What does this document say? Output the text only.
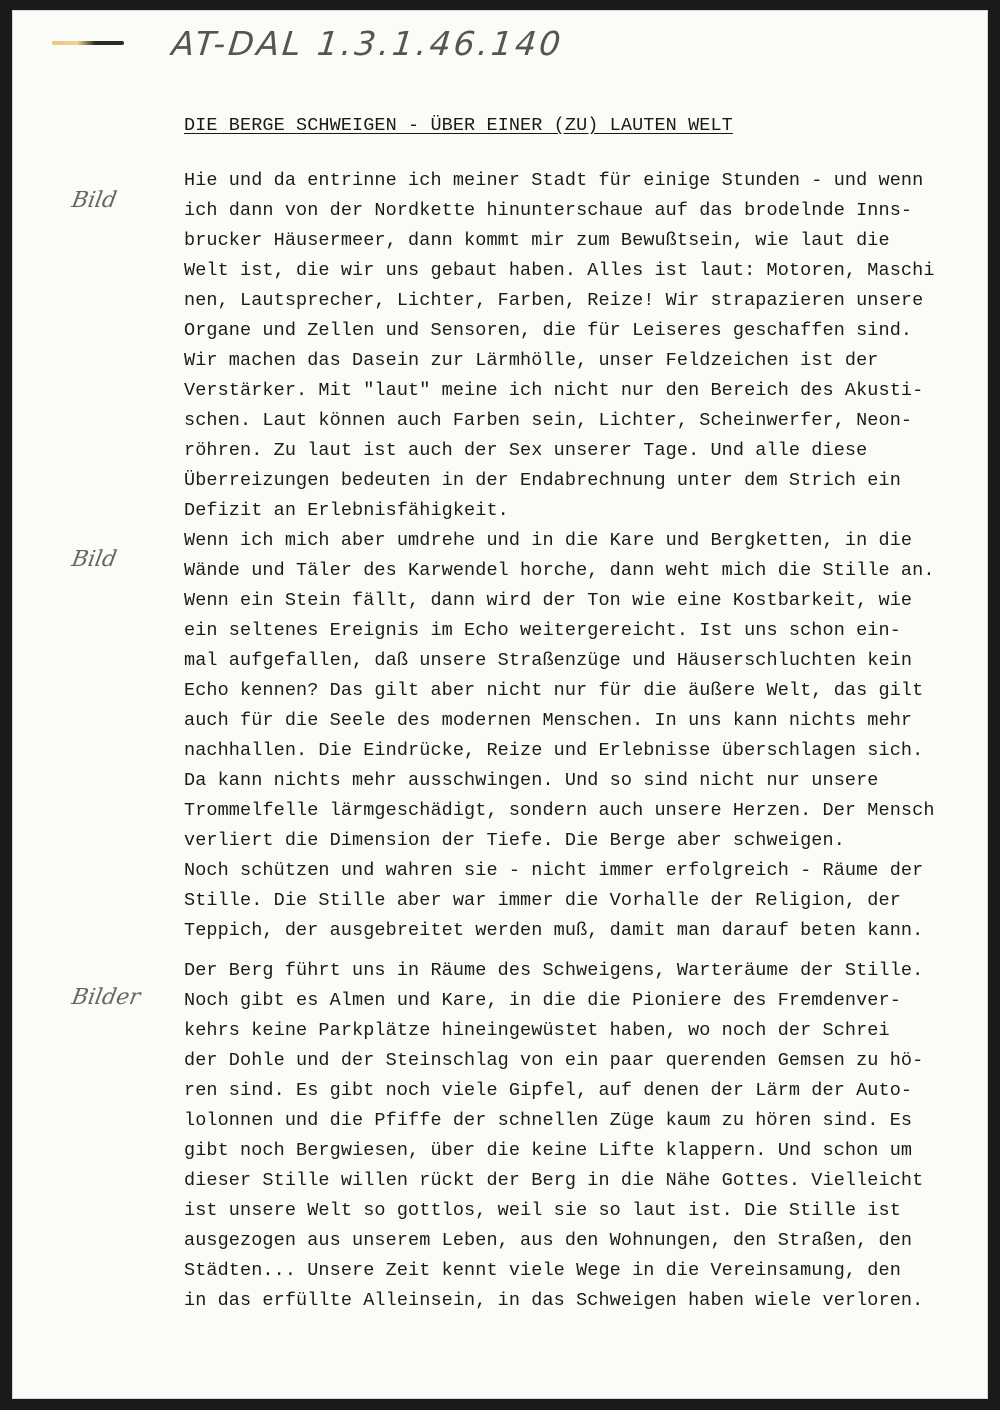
AT-DAL 1.3.1.46.140
DIE BERGE SCHWEIGEN - ÜBER EINER (ZU) LAUTEN WELT
Bild
Bild
Bilder
Hie und da entrinne ich meiner Stadt für einige Stunden - und wenn
ich dann von der Nordkette hinunterschaue auf das brodelnde Inns-
brucker Häusermeer, dann kommt mir zum Bewußtsein, wie laut die
Welt ist, die wir uns gebaut haben. Alles ist laut: Motoren, Maschi
nen, Lautsprecher, Lichter, Farben, Reize! Wir strapazieren unsere
Organe und Zellen und Sensoren, die für Leiseres geschaffen sind.
Wir machen das Dasein zur Lärmhölle, unser Feldzeichen ist der
Verstärker. Mit "laut" meine ich nicht nur den Bereich des Akusti-
schen. Laut können auch Farben sein, Lichter, Scheinwerfer, Neon-
röhren. Zu laut ist auch der Sex unserer Tage. Und alle diese
Überreizungen bedeuten in der Endabrechnung unter dem Strich ein
Defizit an Erlebnisfähigkeit.
Wenn ich mich aber umdrehe und in die Kare und Bergketten, in die
Wände und Täler des Karwendel horche, dann weht mich die Stille an.
Wenn ein Stein fällt, dann wird der Ton wie eine Kostbarkeit, wie
ein seltenes Ereignis im Echo weitergereicht. Ist uns schon ein-
mal aufgefallen, daß unsere Straßenzüge und Häuserschluchten kein
Echo kennen? Das gilt aber nicht nur für die äußere Welt, das gilt
auch für die Seele des modernen Menschen. In uns kann nichts mehr
nachhallen. Die Eindrücke, Reize und Erlebnisse überschlagen sich.
Da kann nichts mehr ausschwingen. Und so sind nicht nur unsere
Trommelfelle lärmgeschädigt, sondern auch unsere Herzen. Der Mensch
verliert die Dimension der Tiefe. Die Berge aber schweigen.
Noch schützen und wahren sie - nicht immer erfolgreich - Räume der
Stille. Die Stille aber war immer die Vorhalle der Religion, der
Teppich, der ausgebreitet werden muß, damit man darauf beten kann.
Der Berg führt uns in Räume des Schweigens, Warteräume der Stille.
Noch gibt es Almen und Kare, in die die Pioniere des Fremdenver-
kehrs keine Parkplätze hineingewüstet haben, wo noch der Schrei
der Dohle und der Steinschlag von ein paar querenden Gemsen zu hö-
ren sind. Es gibt noch viele Gipfel, auf denen der Lärm der Auto-
lolonnen und die Pfiffe der schnellen Züge kaum zu hören sind. Es
gibt noch Bergwiesen, über die keine Lifte klappern. Und schon um
dieser Stille willen rückt der Berg in die Nähe Gottes. Vielleicht
ist unsere Welt so gottlos, weil sie so laut ist. Die Stille ist
ausgezogen aus unserem Leben, aus den Wohnungen, den Straßen, den
Städten... Unsere Zeit kennt viele Wege in die Vereinsamung, den
in das erfüllte Alleinsein, in das Schweigen haben wiele verloren.
